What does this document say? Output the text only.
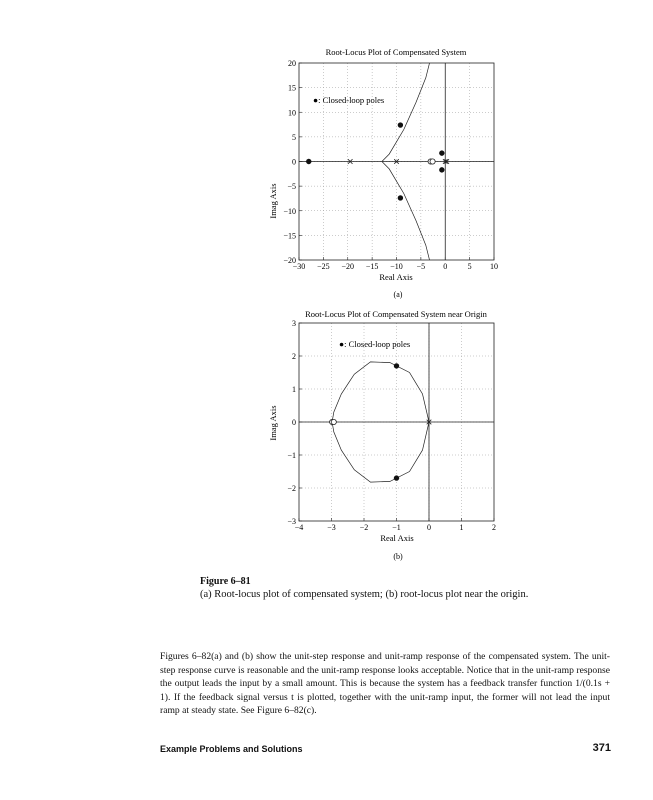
Root-Locus Plot of Compensated System
−30 −25 −20 −15 −10 −5 0	5 10
20
15
10
5
0
−5
−10
−15
−20
Real Axis
Imag Axis
(a)
●: Closed-loop poles
Root-Locus Plot of Compensated System near Origin
−4	−3	−2	−1	0	1	2
3
2
1
0
−1
−2
−3
Real Axis
Imag Axis
(b)
●: Closed-loop poles
Figure 6–81
(a) Root-locus plot of compensated system; (b) root-locus plot near the origin.

Figures 6–82(a) and (b) show the unit-step response and unit-ramp response of the compensated system. The unit-step response curve is reasonable and the unit-ramp response looks acceptable. Notice that in the unit-ramp response the output leads the input by a small amount. This is because the system has a feedback transfer function 1/(0.1s + 1). If the feedback signal versus t is plotted, together with the unit-ramp input, the former will not lead the input ramp at steady state. See Figure 6–82(c).

Example Problems and Solutions	371
